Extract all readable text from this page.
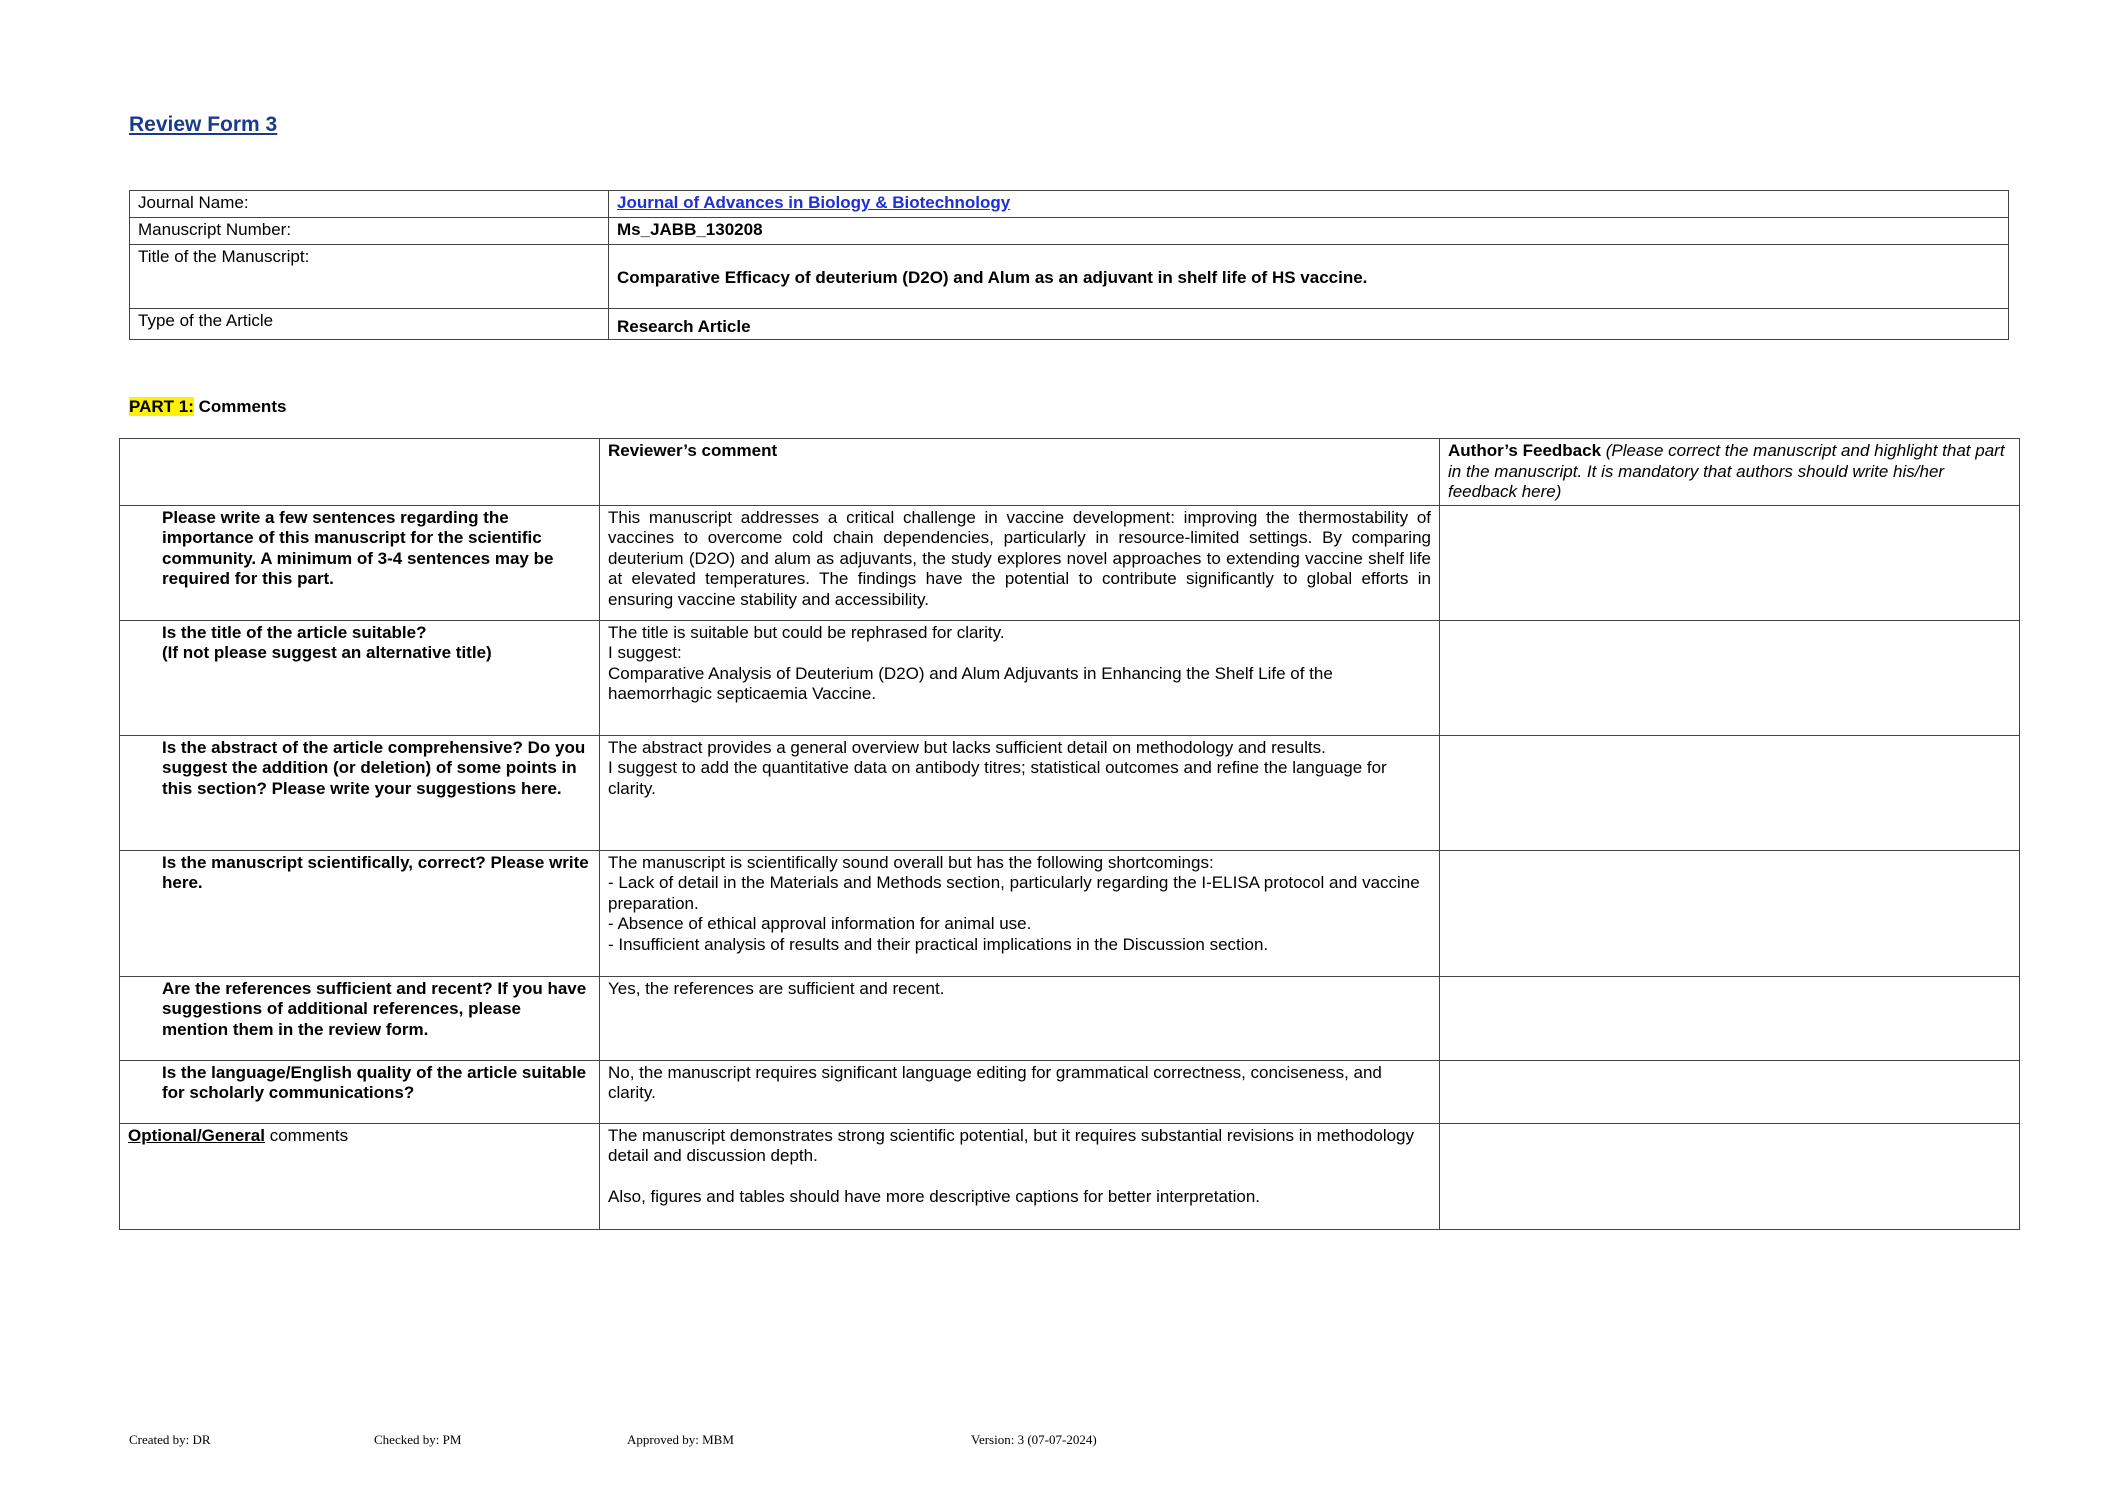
Review Form 3
Journal Name:	Journal of Advances in Biology & Biotechnology
Manuscript Number:	Ms_JABB_130208
Title of the Manuscript:	Comparative Efficacy of deuterium (D2O) and Alum as an adjuvant in shelf life of HS vaccine.
Type of the Article	Research Article

PART 1: Comments

	Reviewer’s comment	Author’s Feedback (Please correct the manuscript and highlight that part in the manuscript. It is mandatory that authors should write his/her feedback here)
Please write a few sentences regarding the importance of this manuscript for the scientific community. A minimum of 3-4 sentences may be required for this part.	This manuscript addresses a critical challenge in vaccine development: improving the thermostability of vaccines to overcome cold chain dependencies, particularly in resource-limited settings. By comparing deuterium (D2O) and alum as adjuvants, the study explores novel approaches to extending vaccine shelf life at elevated temperatures. The findings have the potential to contribute significantly to global efforts in ensuring vaccine stability and accessibility.	
Is the title of the article suitable?
(If not please suggest an alternative title)	The title is suitable but could be rephrased for clarity.
I suggest:
Comparative Analysis of Deuterium (D2O) and Alum Adjuvants in Enhancing the Shelf Life of the haemorrhagic septicaemia Vaccine.	
Is the abstract of the article comprehensive? Do you suggest the addition (or deletion) of some points in this section? Please write your suggestions here.	The abstract provides a general overview but lacks sufficient detail on methodology and results.
I suggest to add the quantitative data on antibody titres; statistical outcomes and refine the language for clarity.	
Is the manuscript scientifically, correct? Please write here.	The manuscript is scientifically sound overall but has the following shortcomings:
- Lack of detail in the Materials and Methods section, particularly regarding the I-ELISA protocol and vaccine preparation.
- Absence of ethical approval information for animal use.
- Insufficient analysis of results and their practical implications in the Discussion section.	
Are the references sufficient and recent? If you have suggestions of additional references, please mention them in the review form.	Yes, the references are sufficient and recent.	
Is the language/English quality of the article suitable for scholarly communications?	No, the manuscript requires significant language editing for grammatical correctness, conciseness, and clarity.	
Optional/General comments	The manuscript demonstrates strong scientific potential, but it requires substantial revisions in methodology detail and discussion depth.

Also, figures and tables should have more descriptive captions for better interpretation.	
Created by: DR	Checked by: PM	Approved by: MBM	Version: 3 (07-07-2024)
